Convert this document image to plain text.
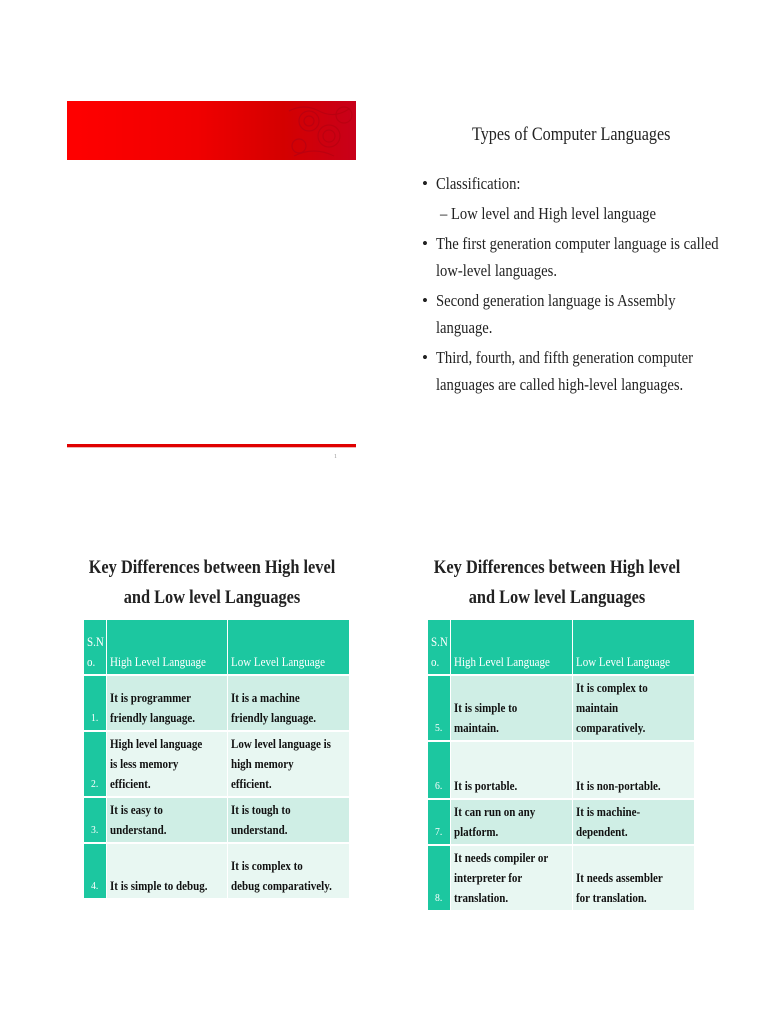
1
Types of Computer Languages
• Classification:
– Low level and High level language
• The first generation computer language is called
low-level languages.
• Second generation language is Assembly
language.
• Third, fourth, and fifth generation computer
languages are called high-level languages.
Key Differences between High level
and Low level Languages
S.N
o.	High Level Language	Low Level Language
1.	It is programmer friendly language.	It is a machine friendly language.
2.	High level language is less memory efficient.	Low level language is high memory efficient.
3.	It is easy to understand.	It is tough to understand.
4.	It is simple to debug.	It is complex to debug comparatively.
Key Differences between High level
and Low level Languages
S.N
o.	High Level Language	Low Level Language
5.	It is simple to maintain.	It is complex to maintain comparatively.
6.	It is portable.	It is non-portable.
7.	It can run on any platform.	It is machine-dependent.
8.	It needs compiler or interpreter for translation.	It needs assembler for translation.
